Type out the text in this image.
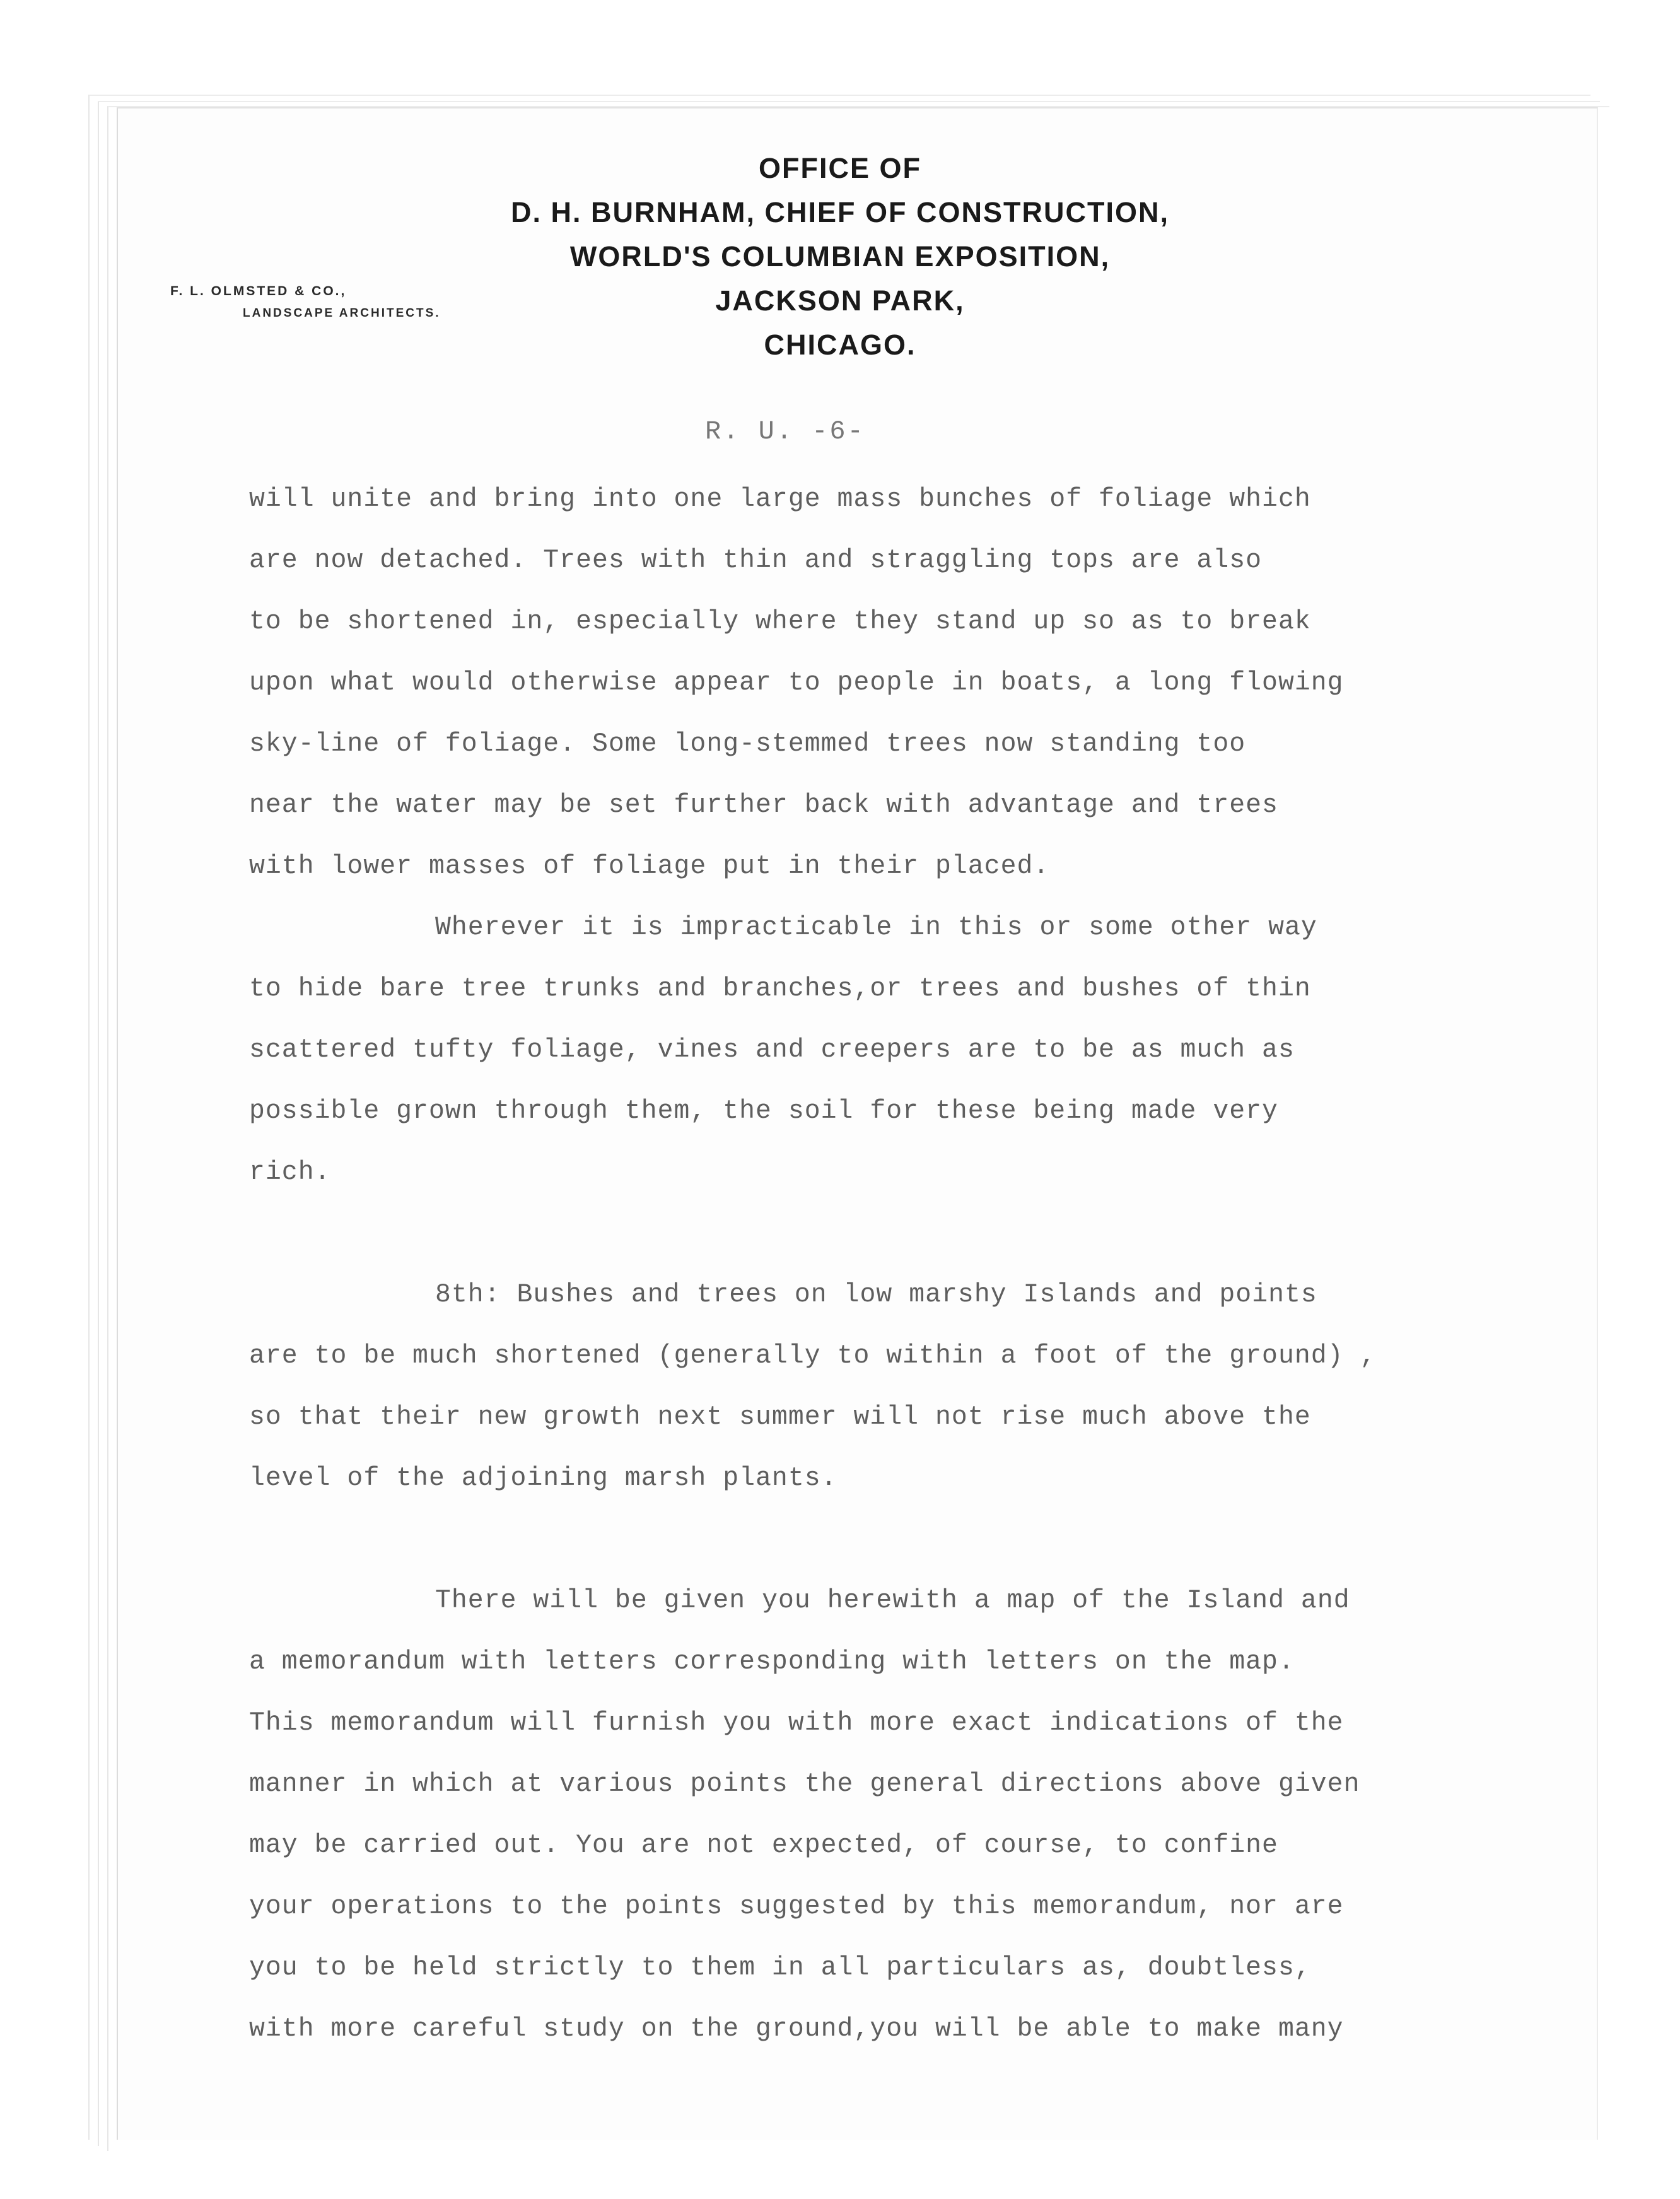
OFFICE OF
D. H. BURNHAM, CHIEF OF CONSTRUCTION,
WORLD'S COLUMBIAN EXPOSITION,
JACKSON PARK,
CHICAGO.
F. L. OLMSTED & CO.,
LANDSCAPE ARCHITECTS.
R. U. -6-
will unite and bring into one large mass bunches of foliage which
are now detached. Trees with thin and straggling tops are also
to be shortened in, especially where they stand up so as to break
upon what would otherwise appear to people in boats, a long flowing
sky-line of foliage. Some long-stemmed trees now standing too
near the water may be set further back with advantage and trees
with lower masses of foliage put in their placed.
Wherever it is impracticable in this or some other way
to hide bare tree trunks and branches,or trees and bushes of thin
scattered tufty foliage, vines and creepers are to be as much as
possible grown through them, the soil for these being made very
rich.
8th: Bushes and trees on low marshy Islands and points
are to be much shortened (generally to within a foot of the ground) ,
so that their new growth next summer will not rise much above the
level of the adjoining marsh plants.
There will be given you herewith a map of the Island and
a memorandum with letters corresponding with letters on the map.
This memorandum will furnish you with more exact indications of the
manner in which at various points the general directions above given
may be carried out. You are not expected, of course, to confine
your operations to the points suggested by this memorandum, nor are
you to be held strictly to them in all particulars as, doubtless,
with more careful study on the ground,you will be able to make many
